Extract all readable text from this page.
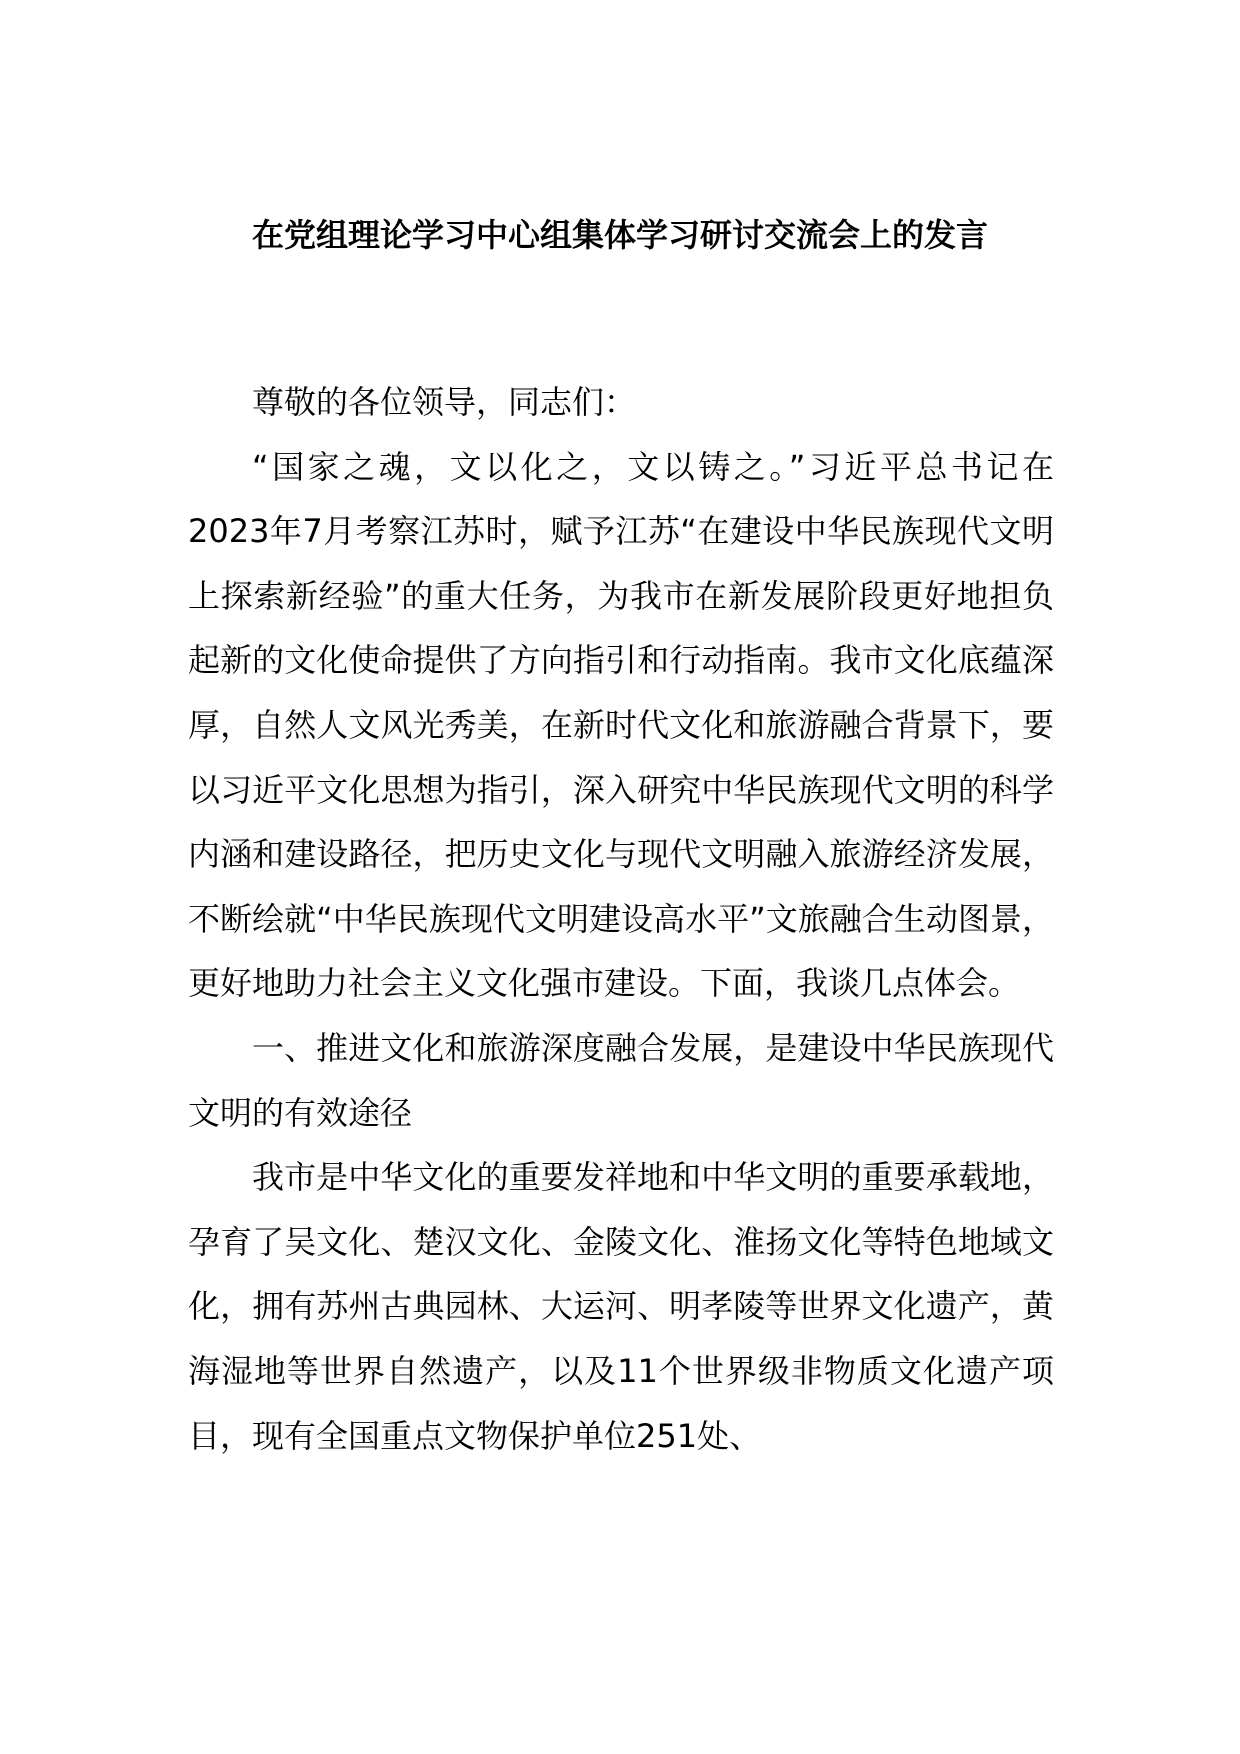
在党组理论学习中心组集体学习研讨交流会上的发言

尊敬的各位领导，同志们：

“国家之魂，文以化之，文以铸之。”习近平总书记在2023年7月考察江苏时，赋予江苏“在建设中华民族现代文明上探索新经验”的重大任务，为我市在新发展阶段更好地担负起新的文化使命提供了方向指引和行动指南。我市文化底蕴深厚，自然人文风光秀美，在新时代文化和旅游融合背景下，要以习近平文化思想为指引，深入研究中华民族现代文明的科学内涵和建设路径，把历史文化与现代文明融入旅游经济发展，不断绘就“中华民族现代文明建设高水平”文旅融合生动图景，更好地助力社会主义文化强市建设。下面，我谈几点体会。

一、推进文化和旅游深度融合发展，是建设中华民族现代文明的有效途径

我市是中华文化的重要发祥地和中华文明的重要承载地，孕育了吴文化、楚汉文化、金陵文化、淮扬文化等特色地域文化，拥有苏州古典园林、大运河、明孝陵等世界文化遗产，黄海湿地等世界自然遗产，以及11个世界级非物质文化遗产项目，现有全国重点文物保护单位251处、
